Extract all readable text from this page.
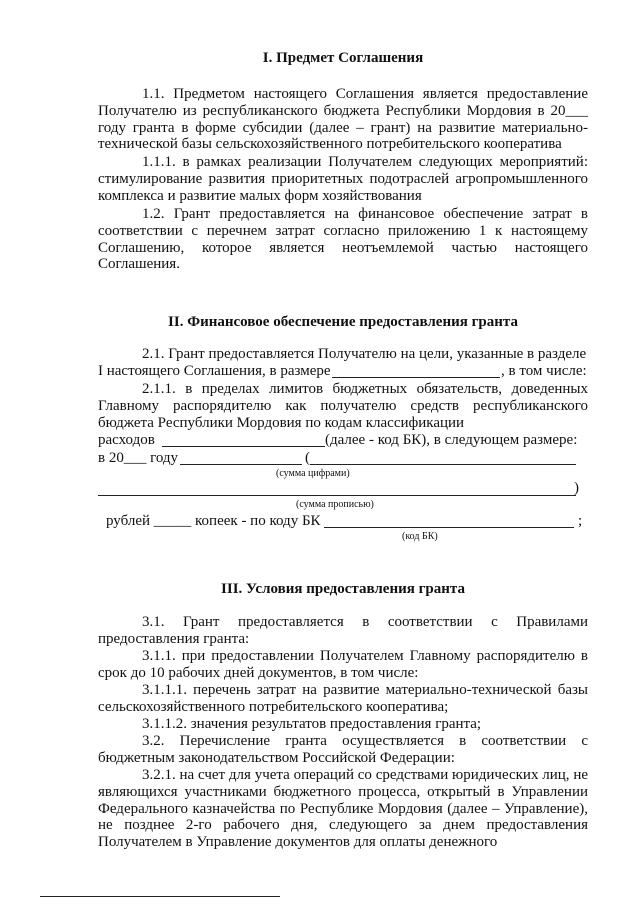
I. Предмет Соглашения

1.1. Предметом настоящего Соглашения является предоставление Получателю из республиканского бюджета Республики Мордовия в 20___ году гранта в форме субсидии (далее – грант) на развитие материально-технической базы сельскохозяйственного потребительского кооператива

1.1.1. в рамках реализации Получателем следующих мероприятий: стимулирование развития приоритетных подотраслей агропромышленного комплекса и развитие малых форм хозяйствования

1.2. Грант предоставляется на финансовое обеспечение затрат в соответствии с перечнем затрат согласно приложению 1 к настоящему Соглашению, которое является неотъемлемой частью настоящего Соглашения.

II. Финансовое обеспечение предоставления гранта
2.1. Грант предоставляется Получателю на цели, указанные в разделе
I настоящего Соглашения, в размере	, в том числе:

2.1.1. в пределах лимитов бюджетных обязательств, доведенных Главному распорядителю как получателю средств республиканского бюджета Республики Мордовия по кодам классификации

расходов	(далее - код БК), в следующем размере:
в 20___ году	(
(сумма цифрами)
)
(сумма прописью)
рублей _____ копеек - по коду БК	;
(код БК)
III. Условия предоставления гранта

3.1. Грант предоставляется в соответствии с Правилами предоставления гранта:

3.1.1. при предоставлении Получателем Главному распорядителю в срок до 10 рабочих дней документов, в том числе:

3.1.1.1. перечень затрат на развитие материально-технической базы сельскохозяйственного потребительского кооператива;

3.1.1.2. значения результатов предоставления гранта;

3.2. Перечисление гранта осуществляется в соответствии с бюджетным законодательством Российской Федерации:

3.2.1. на счет для учета операций со средствами юридических лиц, не являющихся участниками бюджетного процесса, открытый в Управлении Федерального казначейства по Республике Мордовия (далее – Управление), не позднее 2-го рабочего дня, следующего за днем предоставления Получателем в Управление документов для оплаты денежного
